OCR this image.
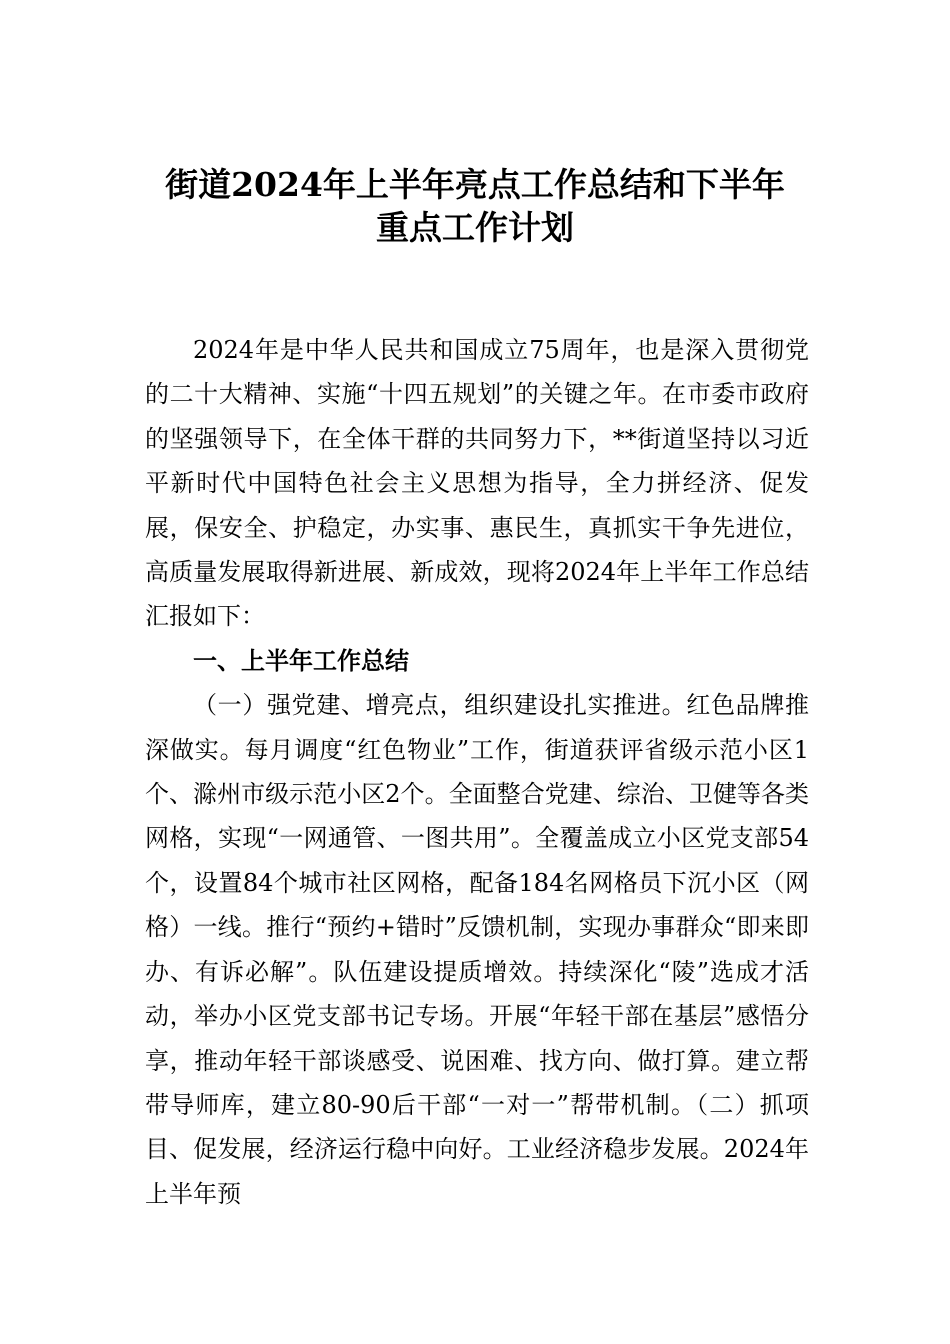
街道2024年上半年亮点工作总结和下半年
重点工作计划

2024年是中华人民共和国成立75周年，也是深入贯彻党的二十大精神、实施“十四五规划”的关键之年。在市委市政府的坚强领导下，在全体干群的共同努力下，**街道坚持以习近平新时代中国特色社会主义思想为指导，全力拼经济、促发展，保安全、护稳定，办实事、惠民生，真抓实干争先进位，高质量发展取得新进展、新成效，现将2024年上半年工作总结汇报如下：

一、上半年工作总结

（一）强党建、增亮点，组织建设扎实推进。红色品牌推深做实。每月调度“红色物业”工作，街道获评省级示范小区1个、滁州市级示范小区2个。全面整合党建、综治、卫健等各类网格，实现“一网通管、一图共用”。全覆盖成立小区党支部54个，设置84个城市社区网格，配备184名网格员下沉小区（网格）一线。推行“预约+错时”反馈机制，实现办事群众“即来即办、有诉必解”。队伍建设提质增效。持续深化“陵”选成才活动，举办小区党支部书记专场。开展“年轻干部在基层”感悟分享，推动年轻干部谈感受、说困难、找方向、做打算。建立帮带导师库，建立80-90后干部“一对一”帮带机制。（二）抓项目、促发展，经济运行稳中向好。工业经济稳步发展。2024年上半年预
